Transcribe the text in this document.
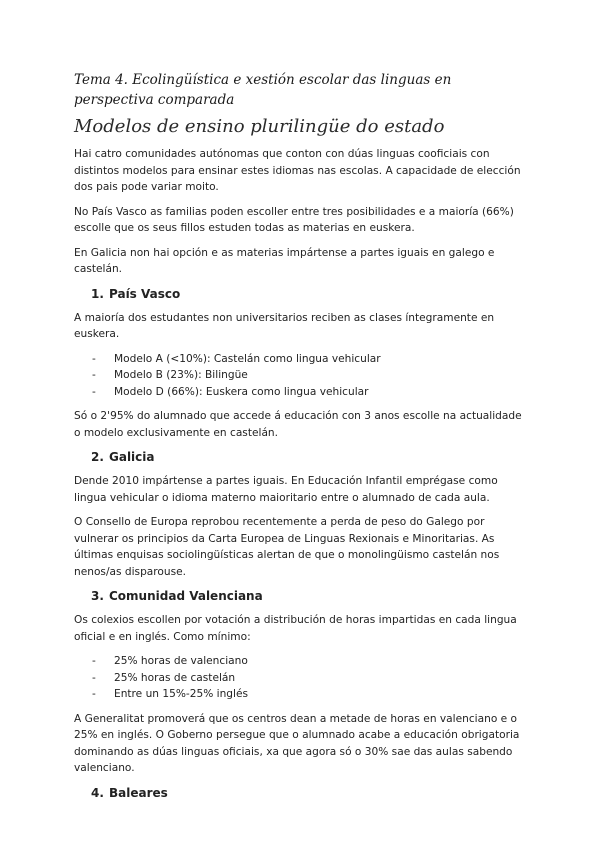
Tema 4. Ecolingüística e xestión escolar das linguas en perspectiva comparada
Modelos de ensino plurilingüe do estado

Hai catro comunidades autónomas que conton con dúas linguas cooficiais con distintos modelos para ensinar estes idiomas nas escolas. A capacidade de elección dos pais pode variar moito.

No País Vasco as familias poden escoller entre tres posibilidades e a maioría (66%) escolle que os seus fillos estuden todas as materias en euskera.

En Galicia non hai opción e as materias impártense a partes iguais en galego e castelán.

1. País Vasco

A maioría dos estudantes non universitarios reciben as clases íntegramente en euskera.

-	Modelo A (<10%): Castelán como lingua vehicular
-	Modelo B (23%): Bilingüe
-	Modelo D (66%): Euskera como lingua vehicular

Só o 2'95% do alumnado que accede á educación con 3 anos escolle na actualidade o modelo exclusivamente en castelán.

2. Galicia

Dende 2010 impártense a partes iguais. En Educación Infantil emprégase como lingua vehicular o idioma materno maioritario entre o alumnado de cada aula.

O Consello de Europa reprobou recentemente a perda de peso do Galego por vulnerar os principios da Carta Europea de Linguas Rexionais e Minoritarias. As últimas enquisas sociolingüísticas alertan de que o monolingüismo castelán nos nenos/as disparouse.

3. Comunidad Valenciana

Os colexios escollen por votación a distribución de horas impartidas en cada lingua oficial e en inglés. Como mínimo:

-	25% horas de valenciano
-	25% horas de castelán
-	Entre un 15%-25% inglés

A Generalitat promoverá que os centros dean a metade de horas en valenciano e o 25% en inglés. O Goberno persegue que o alumnado acabe a educación obrigatoria dominando as dúas linguas oficiais, xa que agora só o 30% sae das aulas sabendo valenciano.

4. Baleares
